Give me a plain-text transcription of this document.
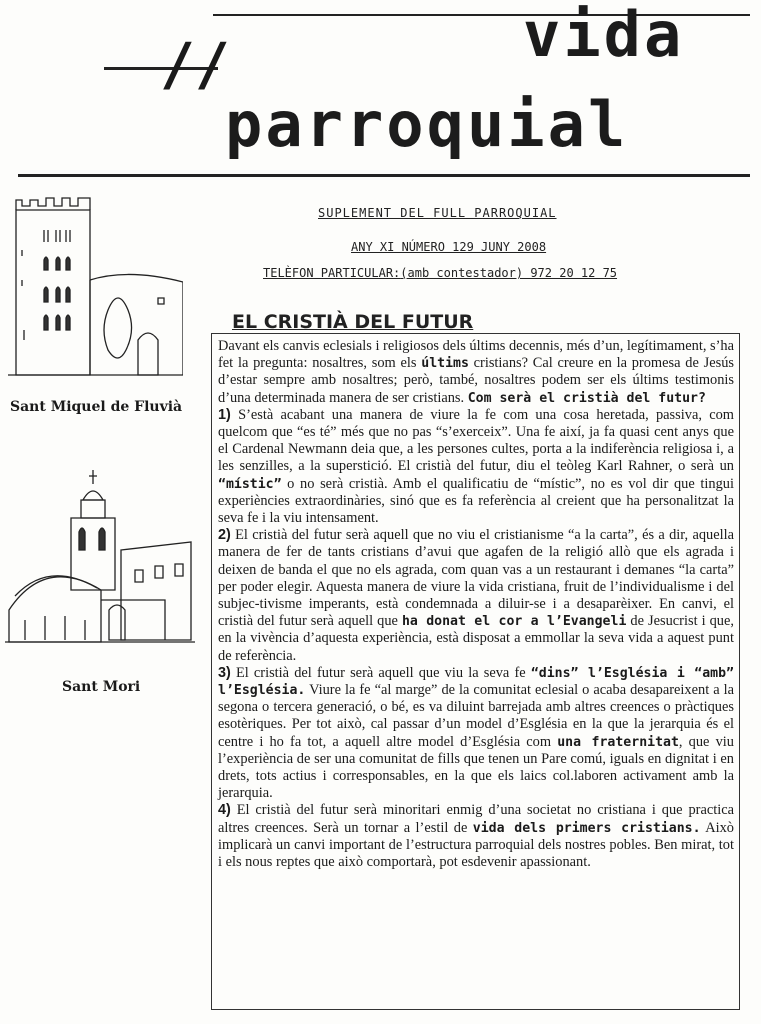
//	vida
parroquial
SUPLEMENT DEL FULL PARROQUIAL
ANY XI NÚMERO 129 JUNY 2008
TELÈFON PARTICULAR:(amb contestador) 972 20 12 75
Sant Miquel de Fluvià
Sant Mori
EL CRISTIÀ DEL FUTUR

Davant els canvis eclesials i religiosos dels últims decennis, més d’un, legítimament, s’ha fet la pregunta: nosaltres, som els últims cristians? Cal creure en la promesa de Jesús d’estar sempre amb nosaltres; però, també, nosaltres podem ser els últims testimonis d’una determinada manera de ser cristians. Com serà el cristià del futur?

1) S’està acabant una manera de viure la fe com una cosa heretada, passiva, com quelcom que “es té” més que no pas “s’exerceix”. Una fe així, ja fa quasi cent anys que el Cardenal Newmann deia que, a les persones cultes, porta a la indiferència religiosa i, a les senzilles, a la superstició. El cristià del futur, diu el teòleg Karl Rahner, o serà un “místic” o no serà cristià. Amb el qualificatiu de “místic”, no es vol dir que tingui experiències extraordinàries, sinó que es fa referència al creient que ha personalitzat la seva fe i la viu intensament.

2) El cristià del futur serà aquell que no viu el cristianisme “a la carta”, és a dir, aquella manera de fer de tants cristians d’avui que agafen de la religió allò que els agrada i deixen de banda el que no els agrada, com quan vas a un restaurant i demanes “la carta” per poder elegir. Aquesta manera de viure la vida cristiana, fruit de l’individualisme i del subjec-tivisme imperants, està condemnada a diluir-se i a desaparèixer. En canvi, el cristià del futur serà aquell que ha donat el cor a l’Evangeli de Jesucrist i que, en la vivència d’aquesta experiència, està disposat a emmollar la seva vida a aquest punt de referència.

3) El cristià del futur serà aquell que viu la seva fe “dins” l’Església i “amb” l’Església. Viure la fe “al marge” de la comunitat eclesial o acaba desapareixent a la segona o tercera generació, o bé, es va diluint barrejada amb altres creences o pràctiques esotèriques. Per tot això, cal passar d’un model d’Església en la que la jerarquia és el centre i ho fa tot, a aquell altre model d’Església com una fraternitat, que viu l’experiència de ser una comunitat de fills que tenen un Pare comú, iguals en dignitat i en drets, tots actius i corresponsables, en la que els laics col.laboren activament amb la jerarquia.

4) El cristià del futur serà minoritari enmig d’una societat no cristiana i que practica altres creences. Serà un tornar a l’estil de vida dels primers cristians. Això implicarà un canvi important de l’estructura parroquial dels nostres pobles. Ben mirat, tot i els nous reptes que això comportarà, pot esdevenir apassionant.
